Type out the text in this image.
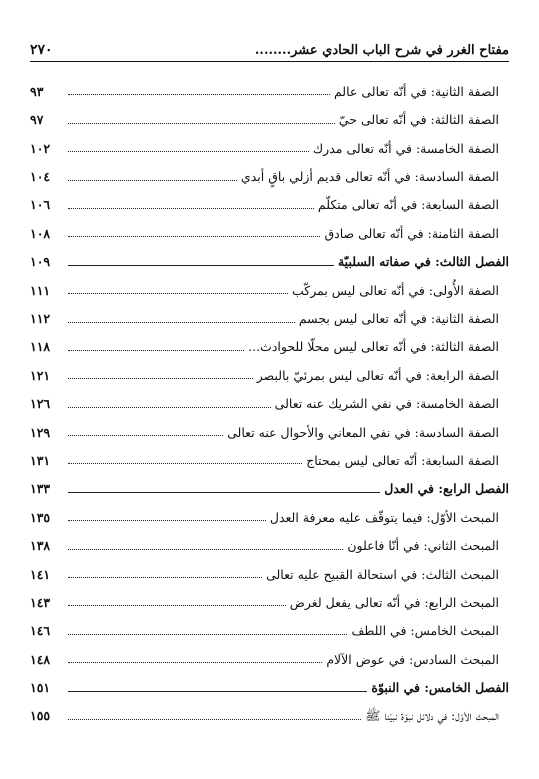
مفتاح الغرر في شرح الباب الحادي عشر........
٢٧٠
الصفة الثانية: في أنّه تعالى عالم
٩٣
الصفة الثالثة: في أنّه تعالى حيّ
٩٧
الصفة الخامسة: في أنّه تعالى مدرك
١٠٢
الصفة السادسة: في أنّه تعالى قديم أزلي باقٍ أبدي
١٠٤
الصفة السابعة: في أنّه تعالى متكلّم
١٠٦
الصفة الثامنة: في أنّه تعالى صادق
١٠٨
الفصل الثالث: في صفاته السلبيّة
١٠٩
الصفة الأُولى: في أنّه تعالى ليس بمركّب
١١١
الصفة الثانية: في أنّه تعالى ليس بجسم
١١٢
الصفة الثالثة: في أنّه تعالى ليس محلّا للحوادث...
١١٨
الصفة الرابعة: في أنّه تعالى ليس بمرئيّ بالبصر
١٢١
الصفة الخامسة: في نفي الشريك عنه تعالى
١٢٦
الصفة السادسة: في نفي المعاني والأحوال عنه تعالى
١٢٩
الصفة السابعة: أنّه تعالى ليس بمحتاج
١٣١
الفصل الرابع: في العدل
١٣٣
المبحث الأوّل: فيما يتوقّف عليه معرفة العدل
١٣٥
المبحث الثاني: في أنّا فاعلون
١٣٨
المبحث الثالث: في استحالة القبيح عليه تعالى
١٤١
المبحث الرابع: في أنّه تعالى يفعل لغرض
١٤٣
المبحث الخامس: في اللطف
١٤٦
المبحث السادس: في عوض الآلام
١٤٨
الفصل الخامس: في النبوّة
١٥١
المبحث الأوّل: في دلائل نبوّة نبيّنا ﷺ
١٥٥
